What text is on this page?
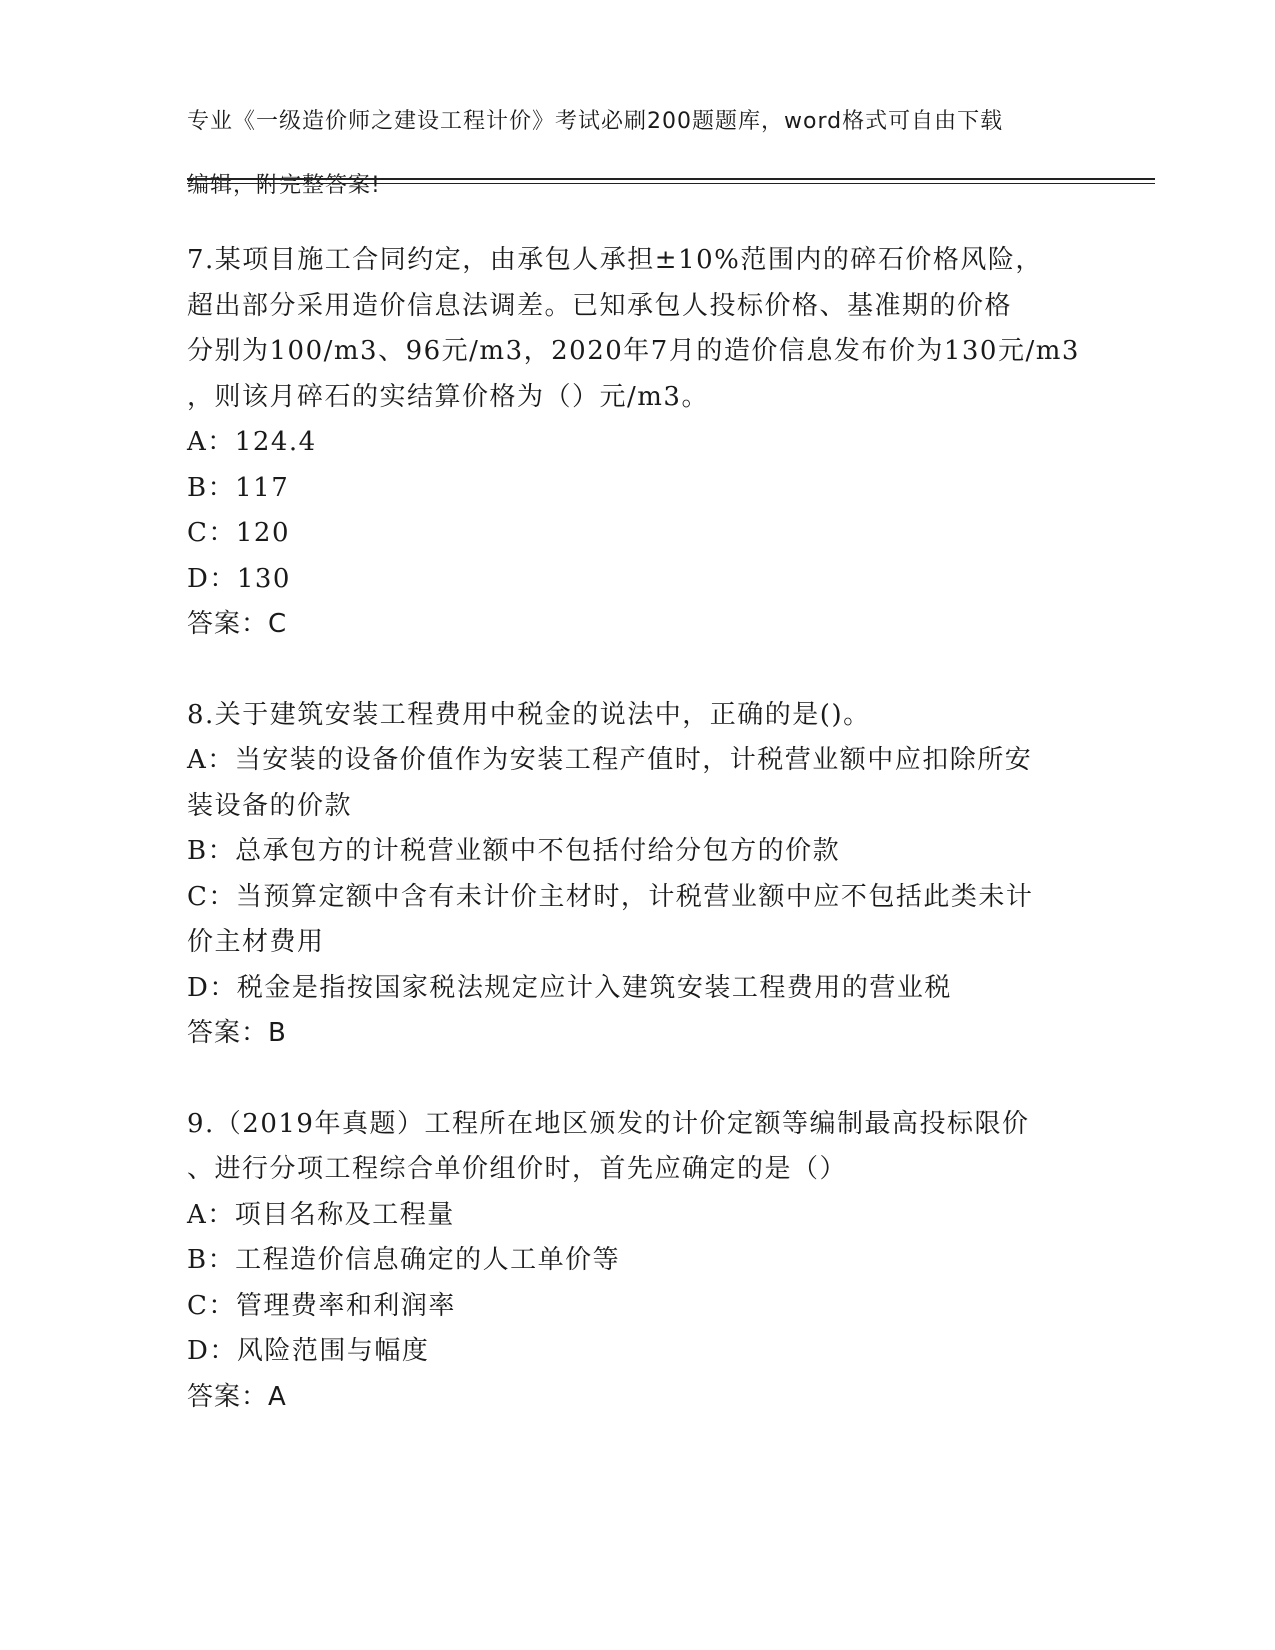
专业《一级造价师之建设工程计价》考试必刷200题题库，word格式可自由下载

编辑，附完整答案!

7.某项目施工合同约定，由承包人承担±10%范围内的碎石价格风险，
超出部分采用造价信息法调差。已知承包人投标价格、基准期的价格
分别为100/m3、96元/m3，2020年7月的造价信息发布价为130元/m3
，则该月碎石的实结算价格为（）元/m3。
A：124.4
B：117
C：120
D：130
答案：C
8.关于建筑安装工程费用中税金的说法中，正确的是()。
A：当安装的设备价值作为安装工程产值时，计税营业额中应扣除所安
装设备的价款
B：总承包方的计税营业额中不包括付给分包方的价款
C：当预算定额中含有未计价主材时，计税营业额中应不包括此类未计
价主材费用
D：税金是指按国家税法规定应计入建筑安装工程费用的营业税
答案：B
9.（2019年真题）工程所在地区颁发的计价定额等编制最高投标限价
、进行分项工程综合单价组价时，首先应确定的是（）
A：项目名称及工程量
B：工程造价信息确定的人工单价等
C：管理费率和利润率
D：风险范围与幅度
答案：A
